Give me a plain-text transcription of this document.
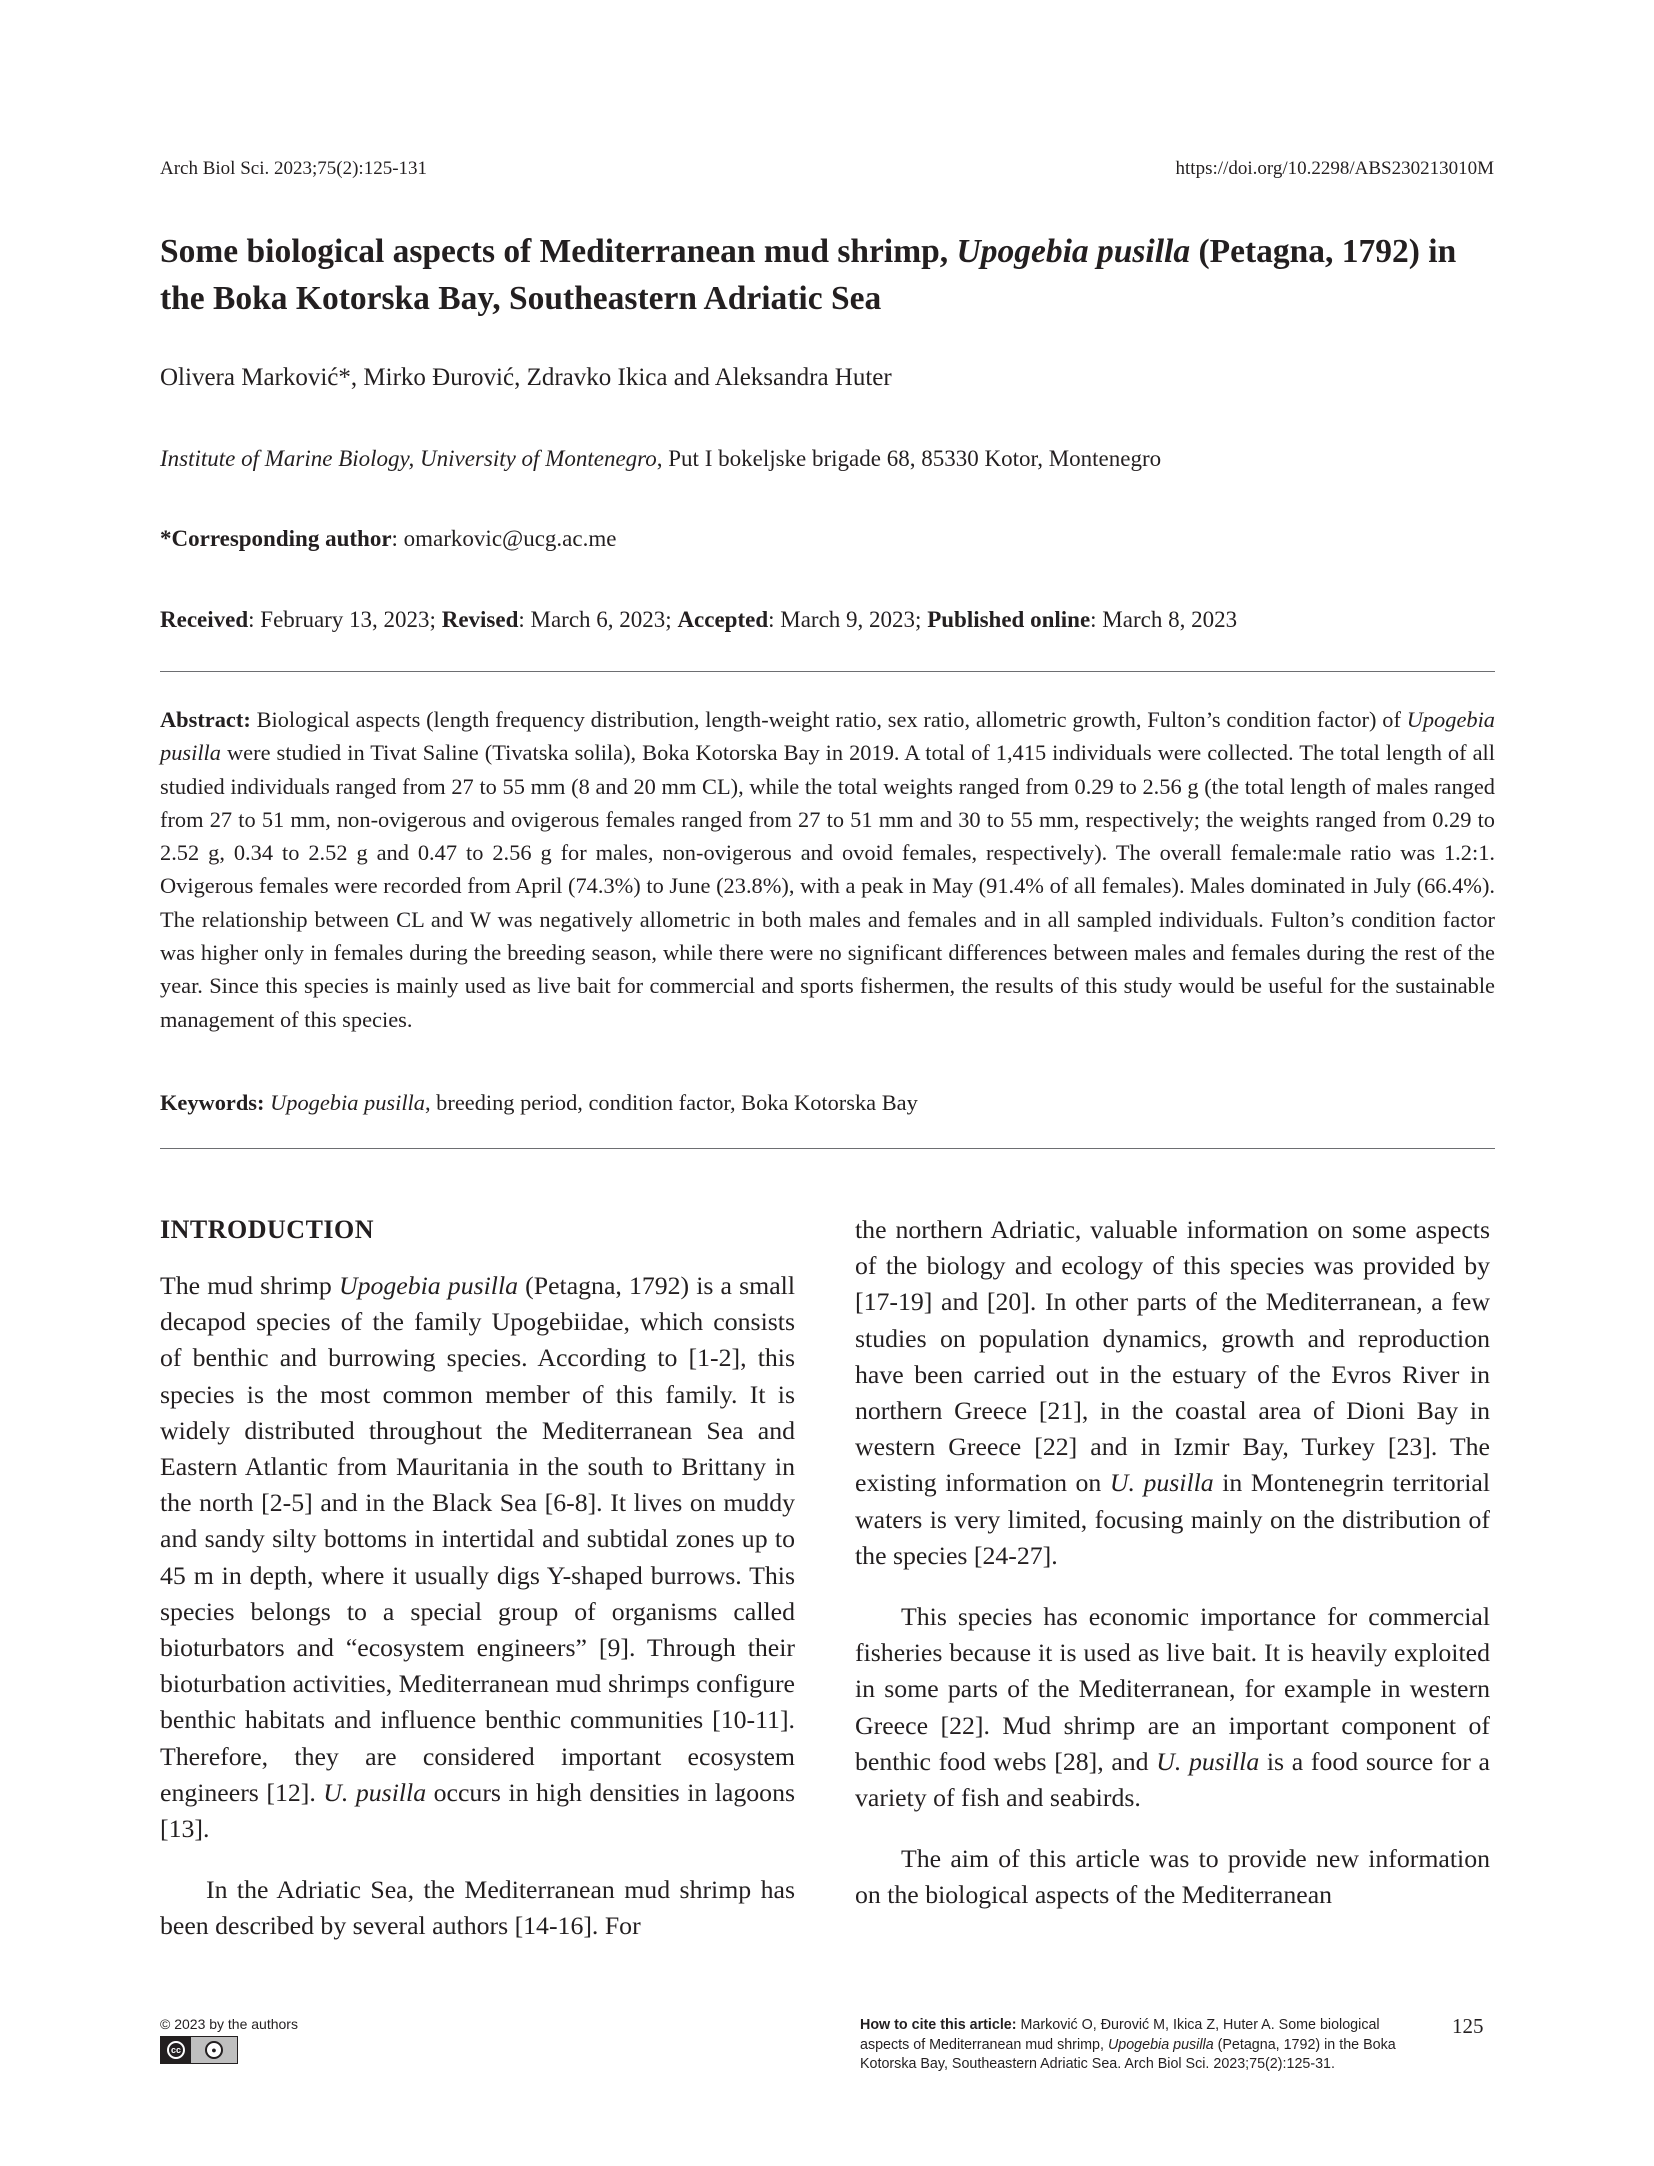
Arch Biol Sci. 2023;75(2):125-131	https://doi.org/10.2298/ABS230213010M
Some biological aspects of Mediterranean mud shrimp, Upogebia pusilla (Petagna, 1792) in the Boka Kotorska Bay, Southeastern Adriatic Sea
Olivera Marković*, Mirko Đurović, Zdravko Ikica and Aleksandra Huter
Institute of Marine Biology, University of Montenegro, Put I bokeljske brigade 68, 85330 Kotor, Montenegro
*Corresponding author: omarkovic@ucg.ac.me
Received: February 13, 2023; Revised: March 6, 2023; Accepted: March 9, 2023; Published online: March 8, 2023

Abstract: Biological aspects (length frequency distribution, length-weight ratio, sex ratio, allometric growth, Fulton’s condition factor) of Upogebia pusilla were studied in Tivat Saline (Tivatska solila), Boka Kotorska Bay in 2019. A total of 1,415 individuals were collected. The total length of all studied individuals ranged from 27 to 55 mm (8 and 20 mm CL), while the total weights ranged from 0.29 to 2.56 g (the total length of males ranged from 27 to 51 mm, non-ovigerous and ovigerous females ranged from 27 to 51 mm and 30 to 55 mm, respectively; the weights ranged from 0.29 to 2.52 g, 0.34 to 2.52 g and 0.47 to 2.56 g for males, non-ovigerous and ovoid females, respectively). The overall female:male ratio was 1.2:1. Ovigerous females were recorded from April (74.3%) to June (23.8%), with a peak in May (91.4% of all females). Males dominated in July (66.4%). The relationship between CL and W was negatively allometric in both males and females and in all sampled individuals. Fulton’s condition factor was higher only in females during the breeding season, while there were no significant differences between males and females during the rest of the year. Since this species is mainly used as live bait for commercial and sports fishermen, the results of this study would be useful for the sustainable management of this species.

Keywords: Upogebia pusilla, breeding period, condition factor, Boka Kotorska Bay
INTRODUCTION

The mud shrimp Upogebia pusilla (Petagna, 1792) is a small decapod species of the family Upogebiidae, which consists of benthic and burrowing species. According to [1-2], this species is the most common member of this family. It is widely distributed throughout the Mediterranean Sea and Eastern Atlantic from Mauritania in the south to Brittany in the north [2-5] and in the Black Sea [6-8]. It lives on muddy and sandy silty bottoms in intertidal and subtidal zones up to 45 m in depth, where it usually digs Y-shaped burrows. This species belongs to a special group of organisms called bioturbators and “ecosystem engineers” [9]. Through their bioturbation activities, Mediterranean mud shrimps configure benthic habitats and influence benthic communities [10-11]. Therefore, they are considered important ecosystem engineers [12]. U. pusilla occurs in high densities in lagoons [13].

In the Adriatic Sea, the Mediterranean mud shrimp has been described by several authors [14-16]. For

the northern Adriatic, valuable information on some aspects of the biology and ecology of this species was provided by [17-19] and [20]. In other parts of the Mediterranean, a few studies on population dynamics, growth and reproduction have been carried out in the estuary of the Evros River in northern Greece [21], in the coastal area of Dioni Bay in western Greece [22] and in Izmir Bay, Turkey [23]. The existing information on U. pusilla in Montenegrin territorial waters is very limited, focusing mainly on the distribution of the species [24-27].

This species has economic importance for commercial fisheries because it is used as live bait. It is heavily exploited in some parts of the Mediterranean, for example in western Greece [22]. Mud shrimp are an important component of benthic food webs [28], and U. pusilla is a food source for a variety of fish and seabirds.

The aim of this article was to provide new information on the biological aspects of the Mediterranean

© 2023 by the authors
cc	●
How to cite this article: Marković O, Đurović M, Ikica Z, Huter A. Some biological aspects of Mediterranean mud shrimp, Upogebia pusilla (Petagna, 1792) in the Boka Kotorska Bay, Southeastern Adriatic Sea. Arch Biol Sci. 2023;75(2):125-31.
125
